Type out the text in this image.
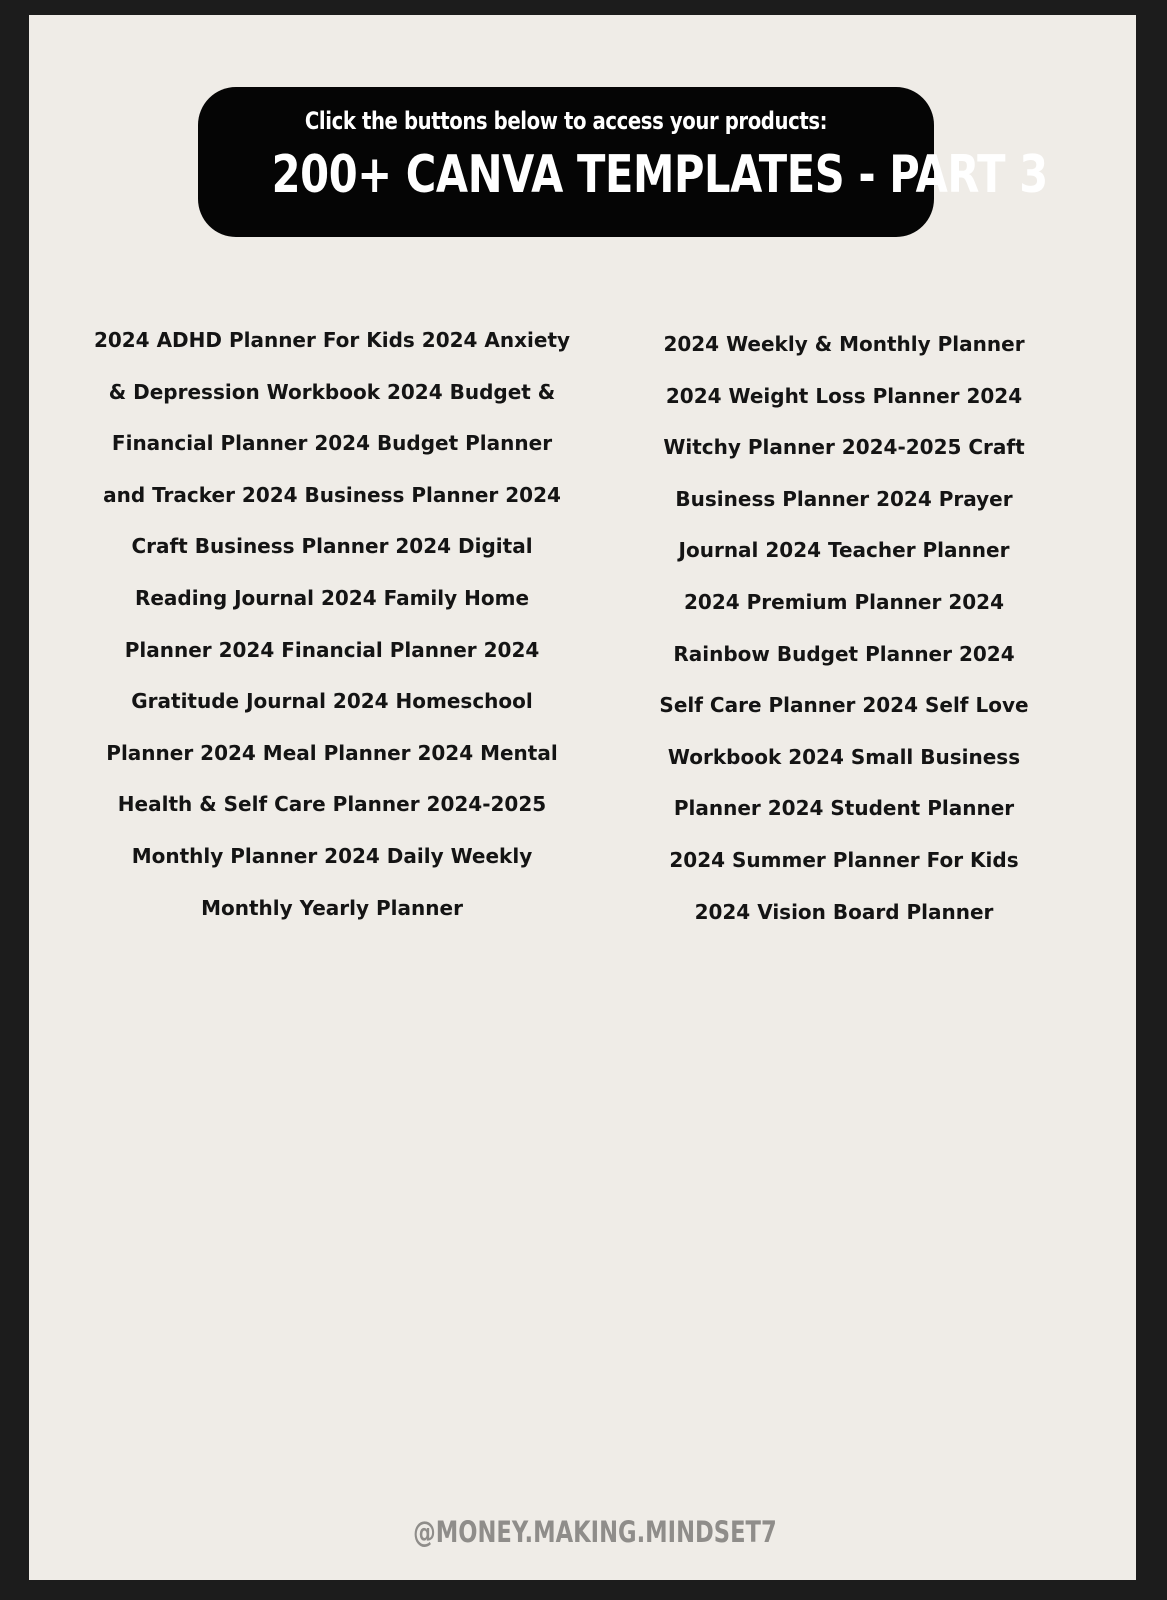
Click the buttons below to access your products:
200+ CANVA TEMPLATES - PART 3
2024 ADHD Planner For Kids 2024 Anxiety
& Depression Workbook 2024 Budget &
Financial Planner 2024 Budget Planner
and Tracker 2024 Business Planner 2024
Craft Business Planner 2024 Digital
Reading Journal 2024 Family Home
Planner 2024 Financial Planner 2024
Gratitude Journal 2024 Homeschool
Planner 2024 Meal Planner 2024 Mental
Health & Self Care Planner 2024-2025
Monthly Planner 2024 Daily Weekly
Monthly Yearly Planner
2024 Weekly & Monthly Planner
2024 Weight Loss Planner 2024
Witchy Planner 2024-2025 Craft
Business Planner 2024 Prayer
Journal 2024 Teacher Planner
2024 Premium Planner 2024
Rainbow Budget Planner 2024
Self Care Planner 2024 Self Love
Workbook 2024 Small Business
Planner 2024 Student Planner
2024 Summer Planner For Kids
2024 Vision Board Planner
@MONEY.MAKING.MINDSET7
